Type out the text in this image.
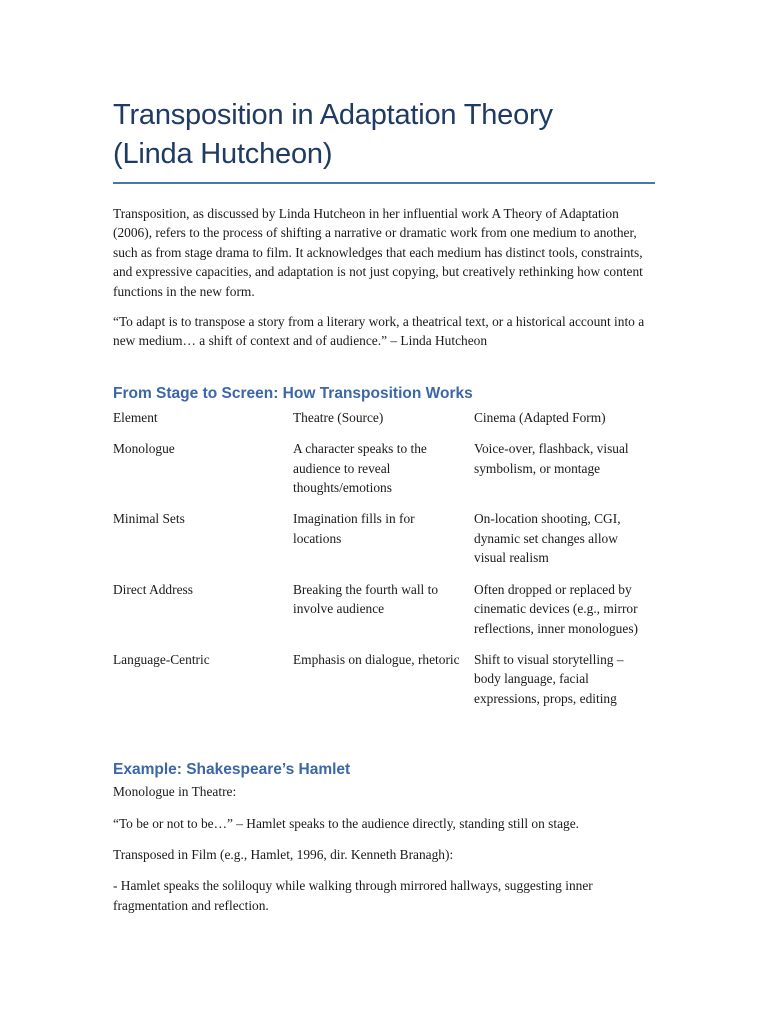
Transposition in Adaptation Theory
(Linda Hutcheon)

Transposition, as discussed by Linda Hutcheon in her influential work A Theory of Adaptation (2006), refers to the process of shifting a narrative or dramatic work from one medium to another, such as from stage drama to film. It acknowledges that each medium has distinct tools, constraints, and expressive capacities, and adaptation is not just copying, but creatively rethinking how content functions in the new form.

“To adapt is to transpose a story from a literary work, a theatrical text, or a historical account into a new medium… a shift of context and of audience.” – Linda Hutcheon

From Stage to Screen: How Transposition Works
Element	Theatre (Source)	Cinema (Adapted Form)

Monologue	A character speaks to the audience to reveal thoughts/emotions	Voice-over, flashback, visual symbolism, or montage

Minimal Sets	Imagination fills in for locations	On-location shooting, CGI, dynamic set changes allow visual realism

Direct Address	Breaking the fourth wall to involve audience	Often dropped or replaced by cinematic devices (e.g., mirror reflections, inner monologues)

Language-Centric	Emphasis on dialogue, rhetoric	Shift to visual storytelling – body language, facial expressions, props, editing
Example: Shakespeare’s Hamlet

Monologue in Theatre:

“To be or not to be…” – Hamlet speaks to the audience directly, standing still on stage.

Transposed in Film (e.g., Hamlet, 1996, dir. Kenneth Branagh):

- Hamlet speaks the soliloquy while walking through mirrored hallways, suggesting inner fragmentation and reflection.
